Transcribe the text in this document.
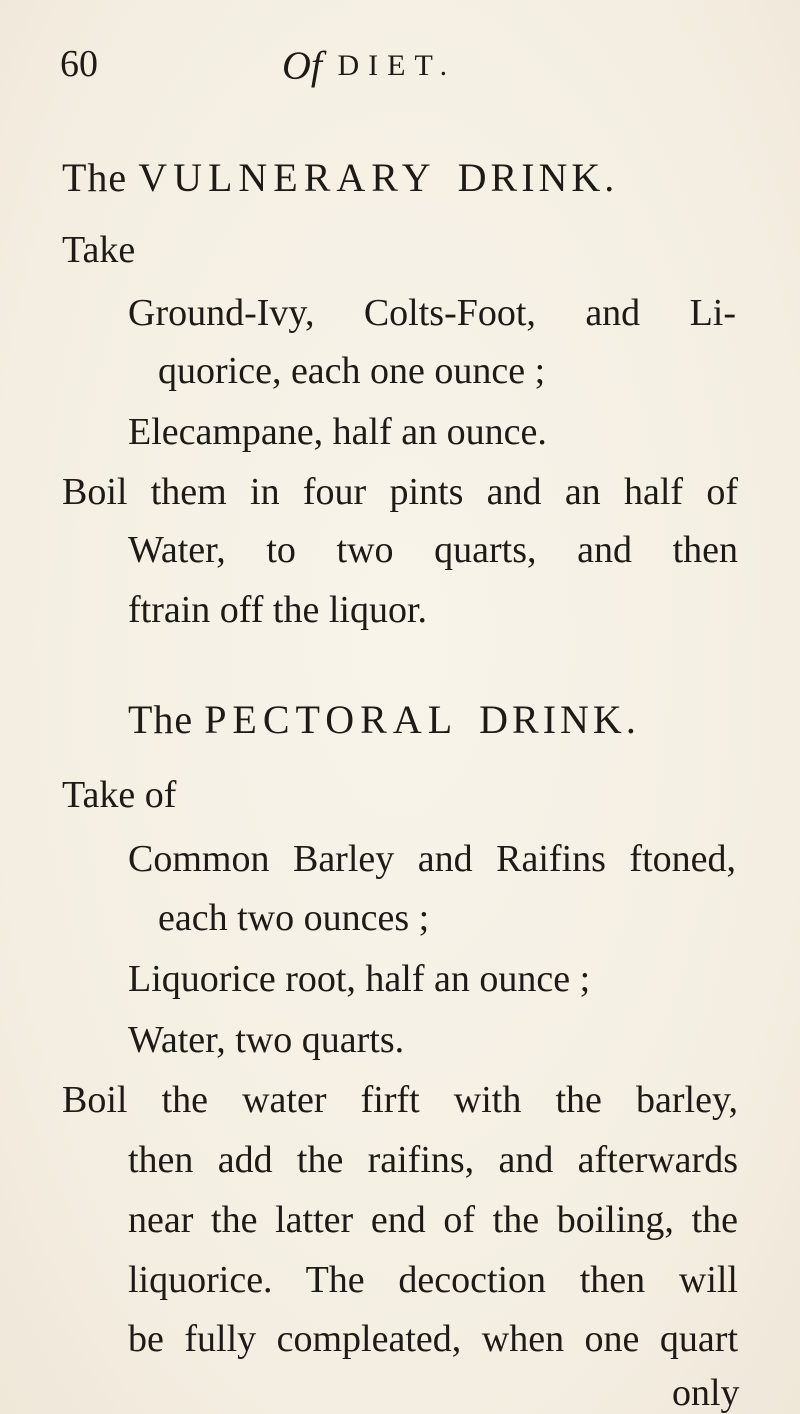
60	Of DIET.
The VULNERARY DRINK.
Take
Ground-Ivy, Colts-Foot, and Li-
quorice, each one ounce ;
Elecampane, half an ounce.
Boil them in four pints and an half of
Water, to two quarts, and then
ftrain off the liquor.
The PECTORAL DRINK.
Take of
Common Barley and Raifins ftoned,
each two ounces ;
Liquorice root, half an ounce ;
Water, two quarts.
Boil the water firft with the barley,
then add the raifins, and afterwards
near the latter end of the boiling, the
liquorice. The decoction then will
be fully compleated, when one quart
only
